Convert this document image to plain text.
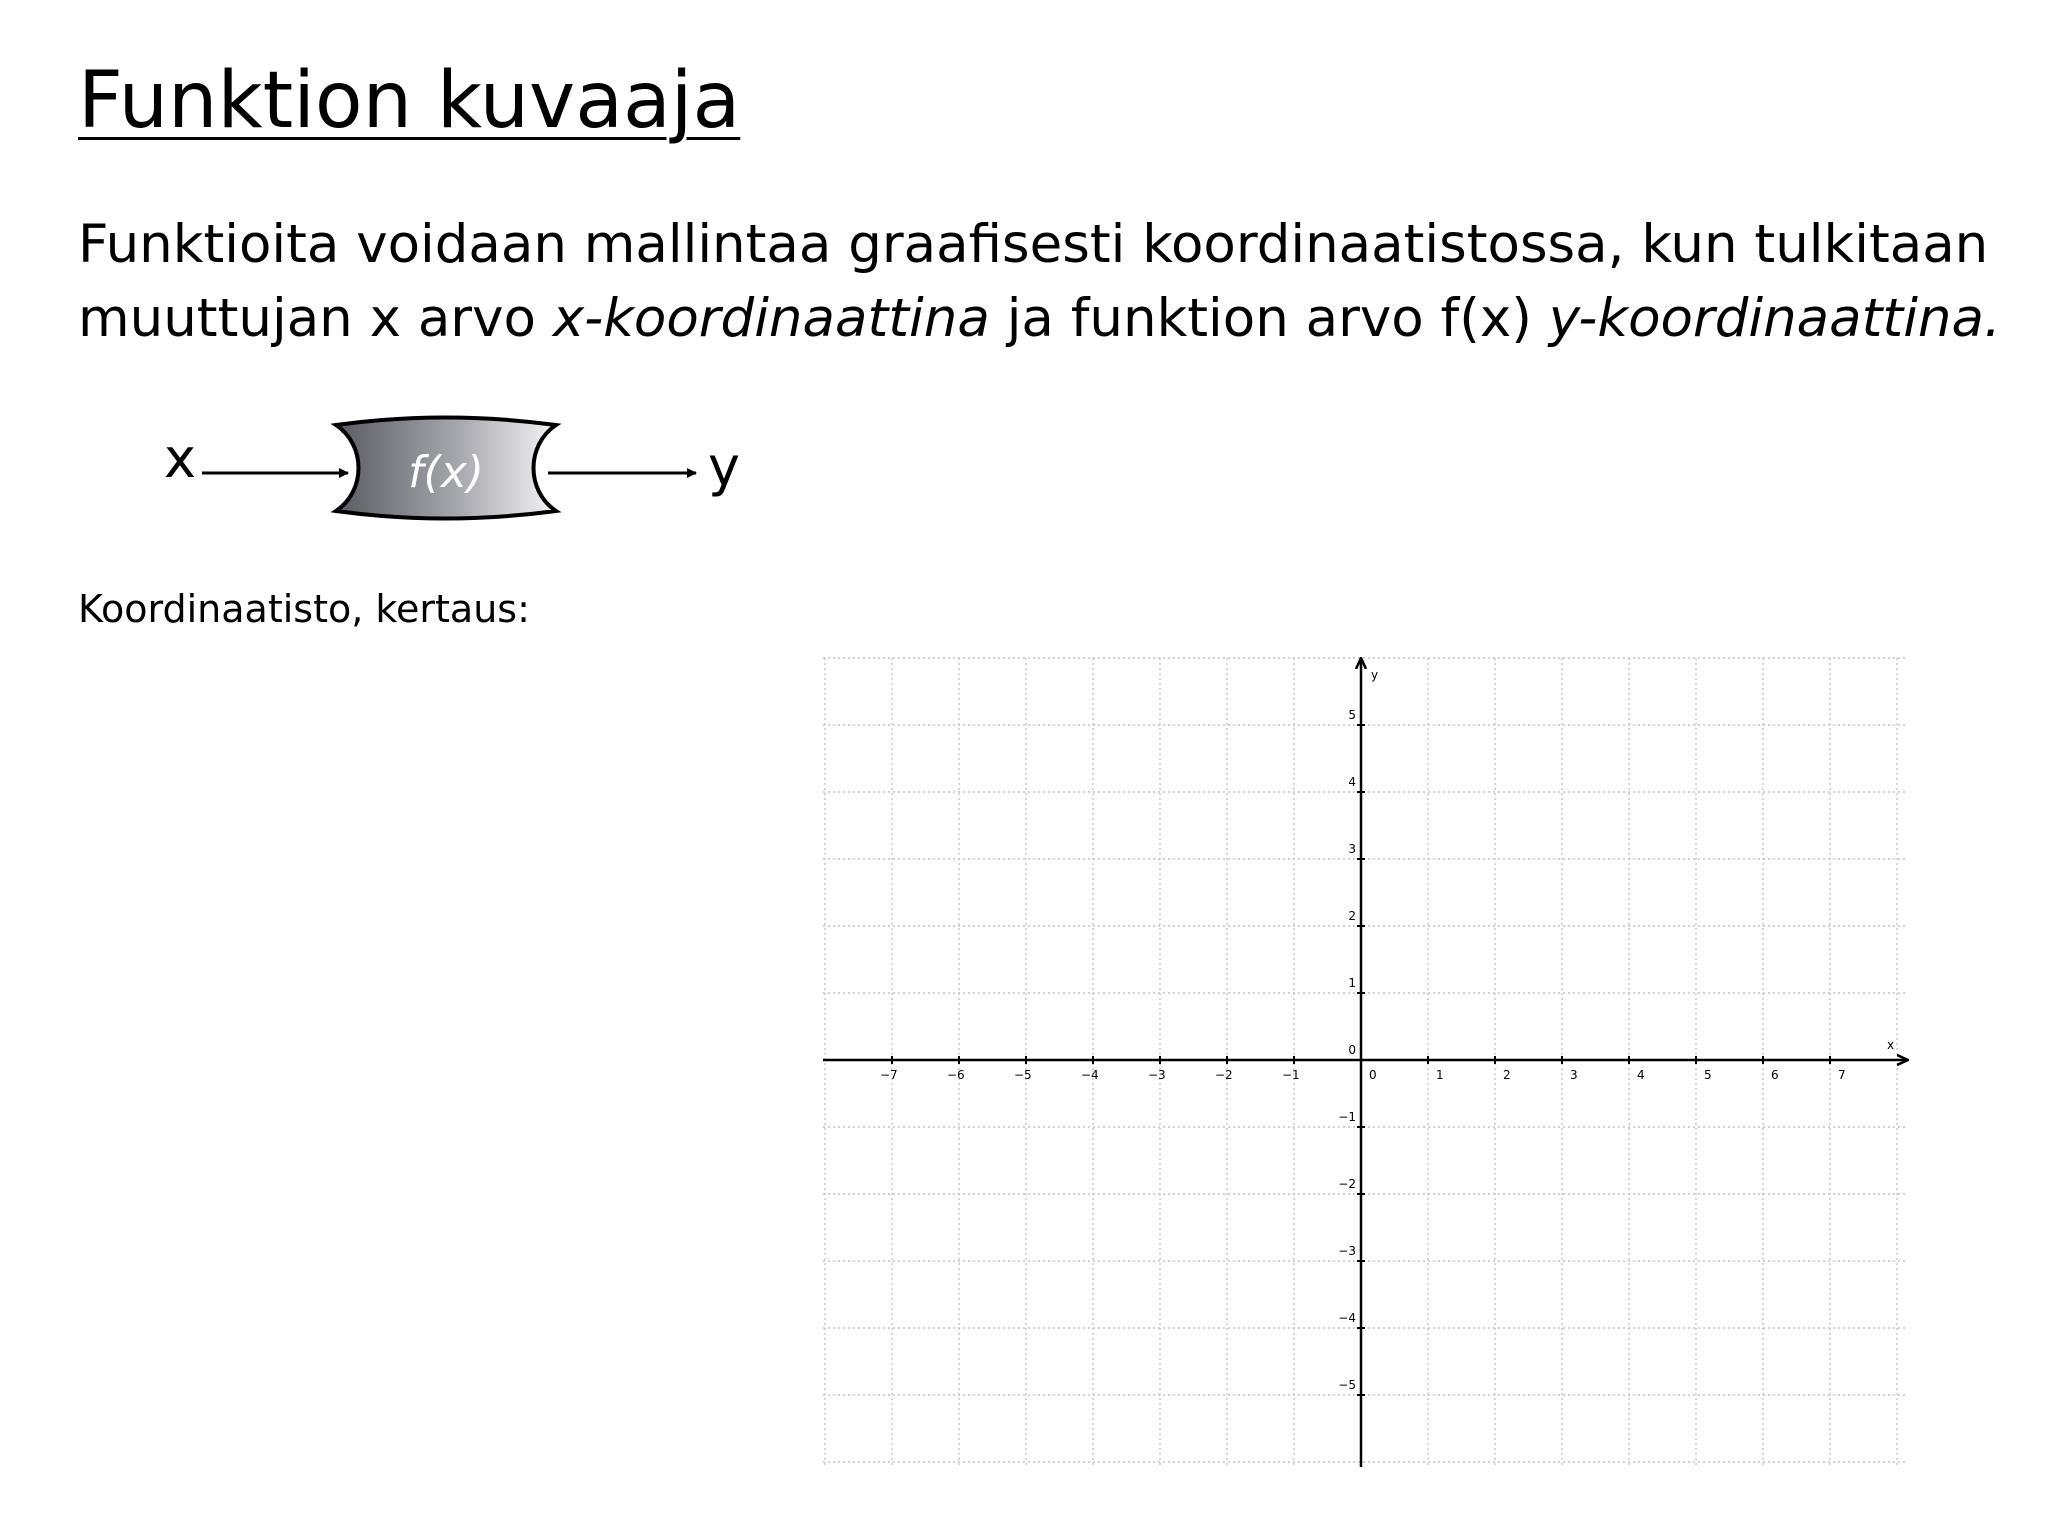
Funktion kuvaaja

Funktioita voidaan mallintaa graafisesti koordinaatistossa, kun tulkitaan
muuttujan x arvo x-koordinaattina ja funktion arvo f(x) y-koordinaattina.

x	f(x)	y

Koordinaatisto, kertaus:

x
y
−7	−6	−5	−4	−3	−2	−1	0	1	2	3	4	5	6	7
5
4
3
2
1
0
−1
−2
−3
−4
−5
